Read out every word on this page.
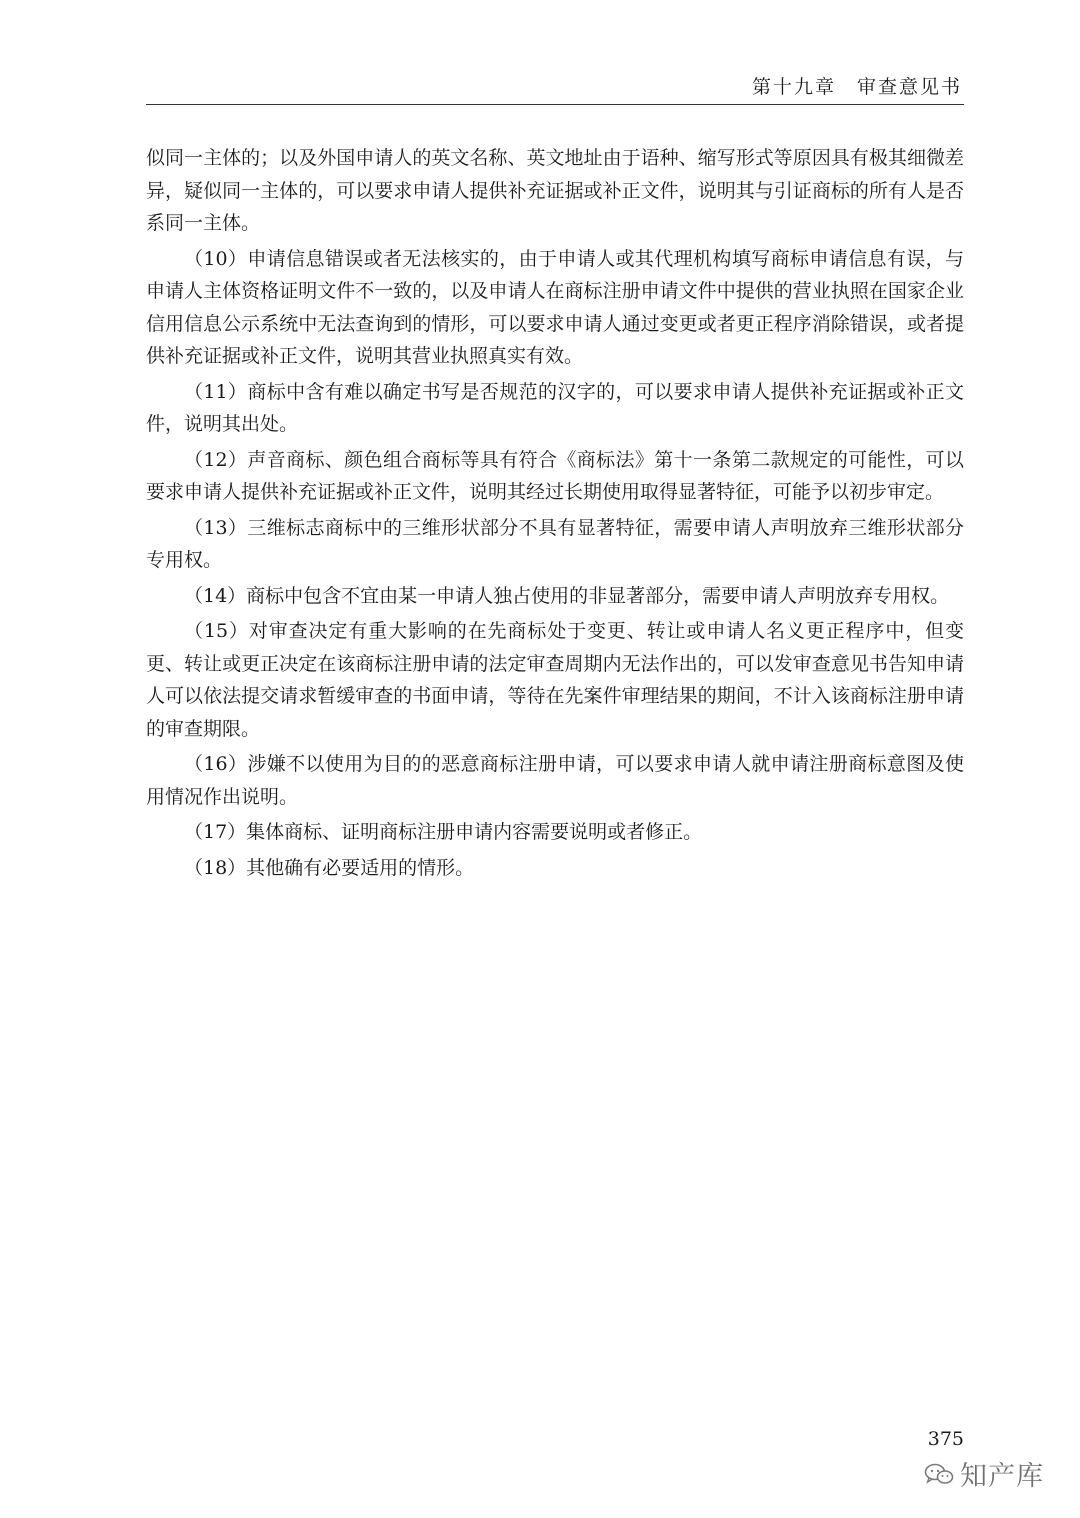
第十九章　审查意见书

似同一主体的；以及外国申请人的英文名称、英文地址由于语种、缩写形式等原因具有极其细微差异，疑似同一主体的，可以要求申请人提供补充证据或补正文件，说明其与引证商标的所有人是否系同一主体。

（10）申请信息错误或者无法核实的，由于申请人或其代理机构填写商标申请信息有误，与申请人主体资格证明文件不一致的，以及申请人在商标注册申请文件中提供的营业执照在国家企业信用信息公示系统中无法查询到的情形，可以要求申请人通过变更或者更正程序消除错误，或者提供补充证据或补正文件，说明其营业执照真实有效。

（11）商标中含有难以确定书写是否规范的汉字的，可以要求申请人提供补充证据或补正文件，说明其出处。

（12）声音商标、颜色组合商标等具有符合《商标法》第十一条第二款规定的可能性，可以要求申请人提供补充证据或补正文件，说明其经过长期使用取得显著特征，可能予以初步审定。

（13）三维标志商标中的三维形状部分不具有显著特征，需要申请人声明放弃三维形状部分专用权。

（14）商标中包含不宜由某一申请人独占使用的非显著部分，需要申请人声明放弃专用权。

（15）对审查决定有重大影响的在先商标处于变更、转让或申请人名义更正程序中，但变更、转让或更正决定在该商标注册申请的法定审查周期内无法作出的，可以发审查意见书告知申请人可以依法提交请求暂缓审查的书面申请，等待在先案件审理结果的期间，不计入该商标注册申请的审查期限。

（16）涉嫌不以使用为目的的恶意商标注册申请，可以要求申请人就申请注册商标意图及使用情况作出说明。

（17）集体商标、证明商标注册申请内容需要说明或者修正。

（18）其他确有必要适用的情形。

375
知产库
